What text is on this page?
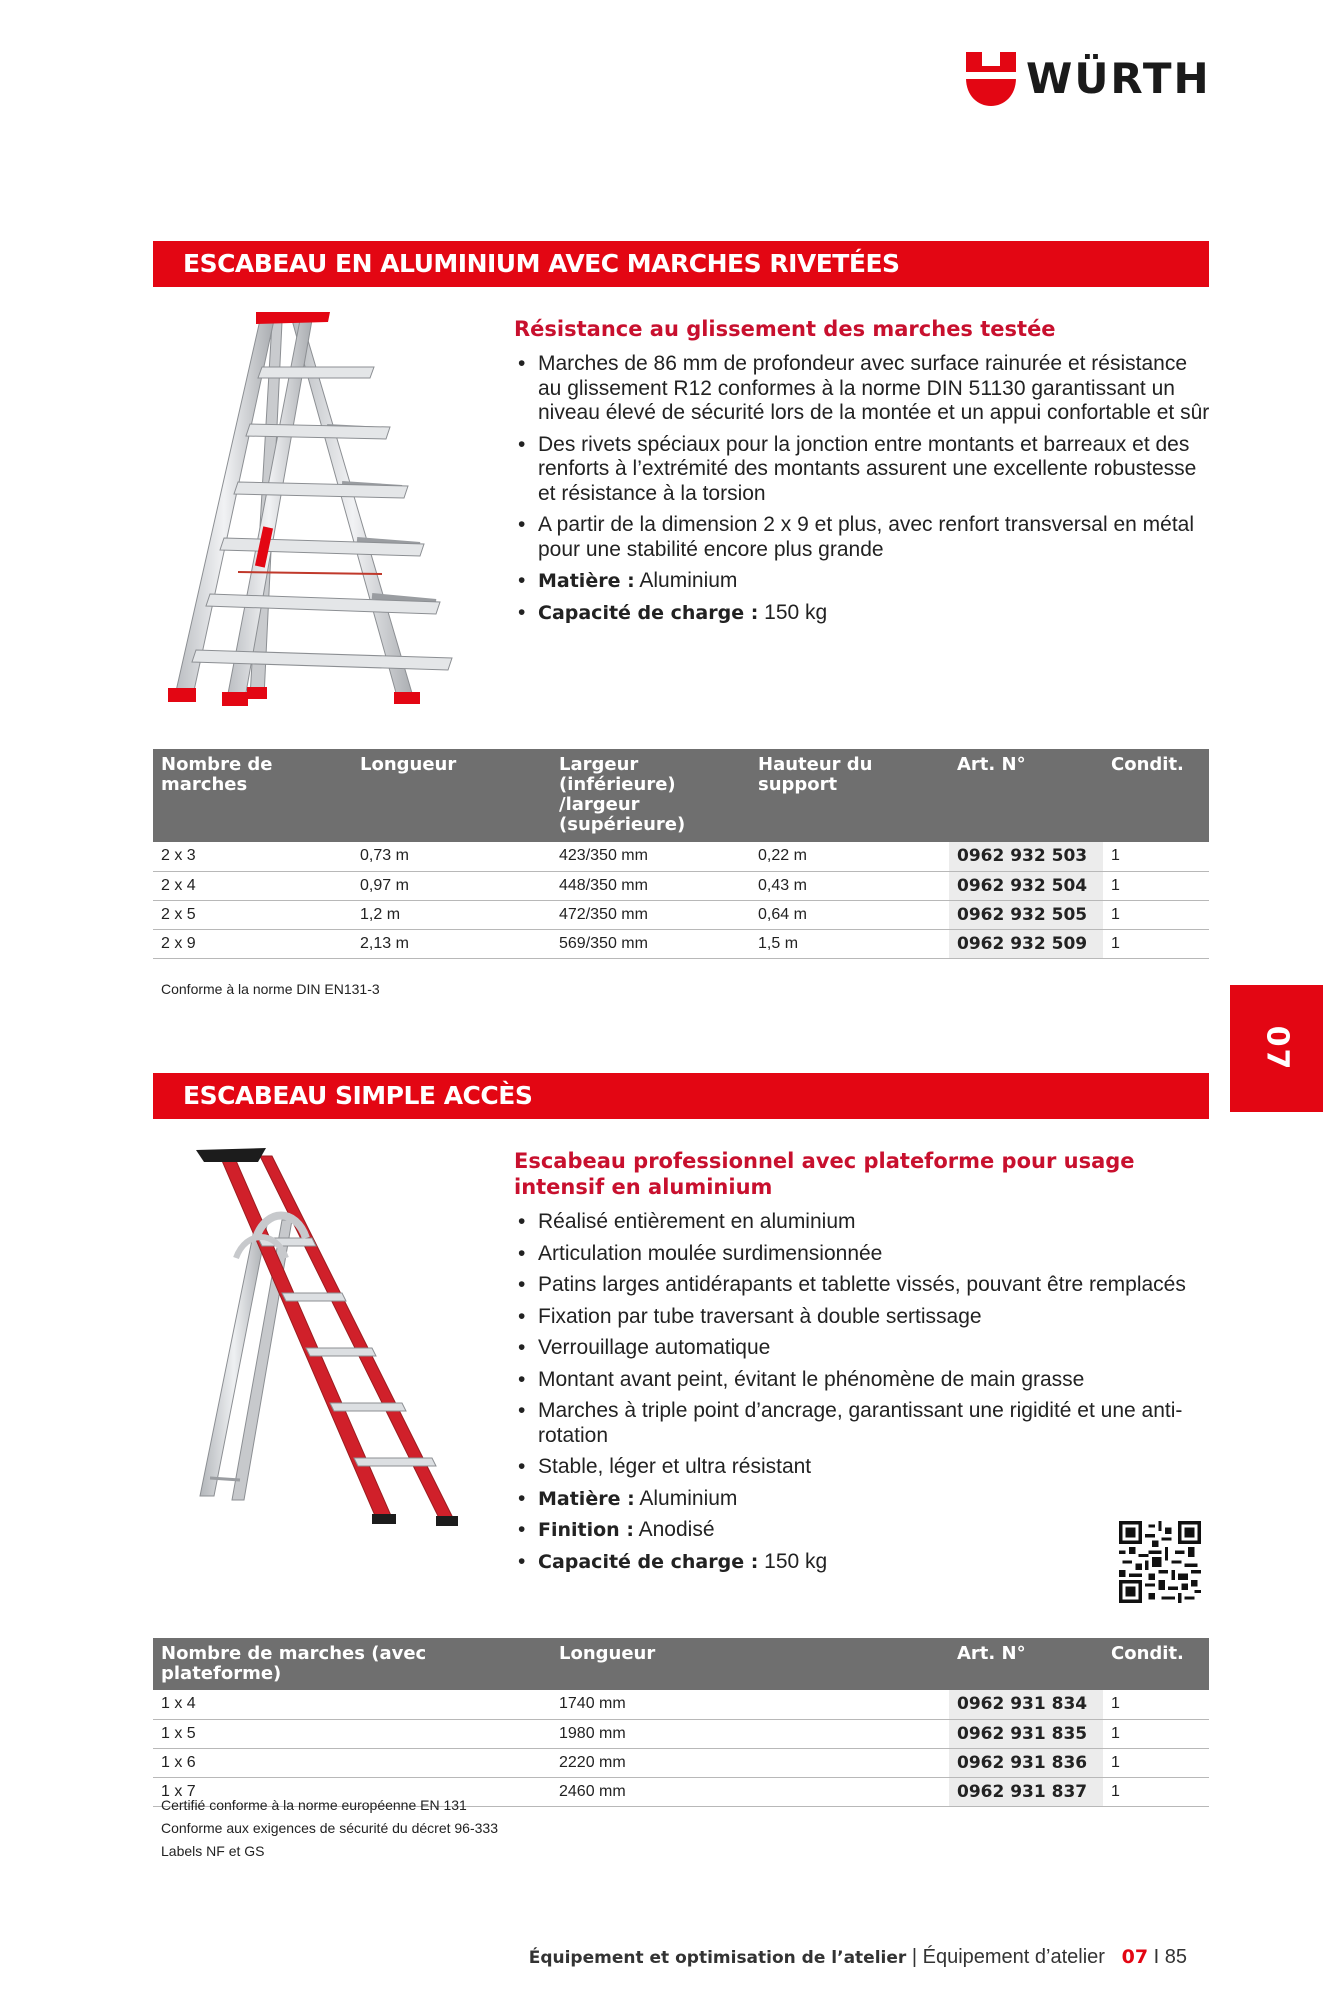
WÜRTH
ESCABEAU EN ALUMINIUM AVEC MARCHES RIVETÉES
Résistance au glissement des marches testée
• Marches de 86 mm de profondeur avec surface rainurée et résistance au glissement R12 conformes à la norme DIN 51130 garantissant un niveau élevé de sécurité lors de la montée et un appui confortable et sûr
• Des rivets spéciaux pour la jonction entre montants et barreaux et des renforts à l’extrémité des montants assurent une excellente robustesse et résistance à la torsion
• A partir de la dimension 2 x 9 et plus, avec renfort transversal en métal pour une stabilité encore plus grande
• Matière : Aluminium
• Capacité de charge : 150 kg
Nombre de marches	Longueur	Largeur (inférieure) /largeur (supérieure)	Hauteur du support	Art. N°	Condit.
2 x 3	0,73 m	423/350 mm	0,22 m	0962 932 503	1
2 x 4	0,97 m	448/350 mm	0,43 m	0962 932 504	1
2 x 5	1,2 m	472/350 mm	0,64 m	0962 932 505	1
2 x 9	2,13 m	569/350 mm	1,5 m	0962 932 509	1
Conforme à la norme DIN EN131-3
07
ESCABEAU SIMPLE ACCÈS
Escabeau professionnel avec plateforme pour usage intensif en aluminium
• Réalisé entièrement en aluminium
• Articulation moulée surdimensionnée
• Patins larges antidérapants et tablette vissés, pouvant être remplacés
• Fixation par tube traversant à double sertissage
• Verrouillage automatique
• Montant avant peint, évitant le phénomène de main grasse
• Marches à triple point d’ancrage, garantissant une rigidité et une anti-rotation
• Stable, léger et ultra résistant
• Matière : Aluminium
• Finition : Anodisé
• Capacité de charge : 150 kg
Nombre de marches (avec plateforme)	Longueur	Art. N°	Condit.
1 x 4	1740 mm	0962 931 834	1
1 x 5	1980 mm	0962 931 835	1
1 x 6	2220 mm	0962 931 836	1
1 x 7	2460 mm	0962 931 837	1
Certifié conforme à la norme européenne EN 131
Conforme aux exigences de sécurité du décret 96-333
Labels NF et GS
Équipement et optimisation de l’atelier | Équipement d’atelier 07 I 85
